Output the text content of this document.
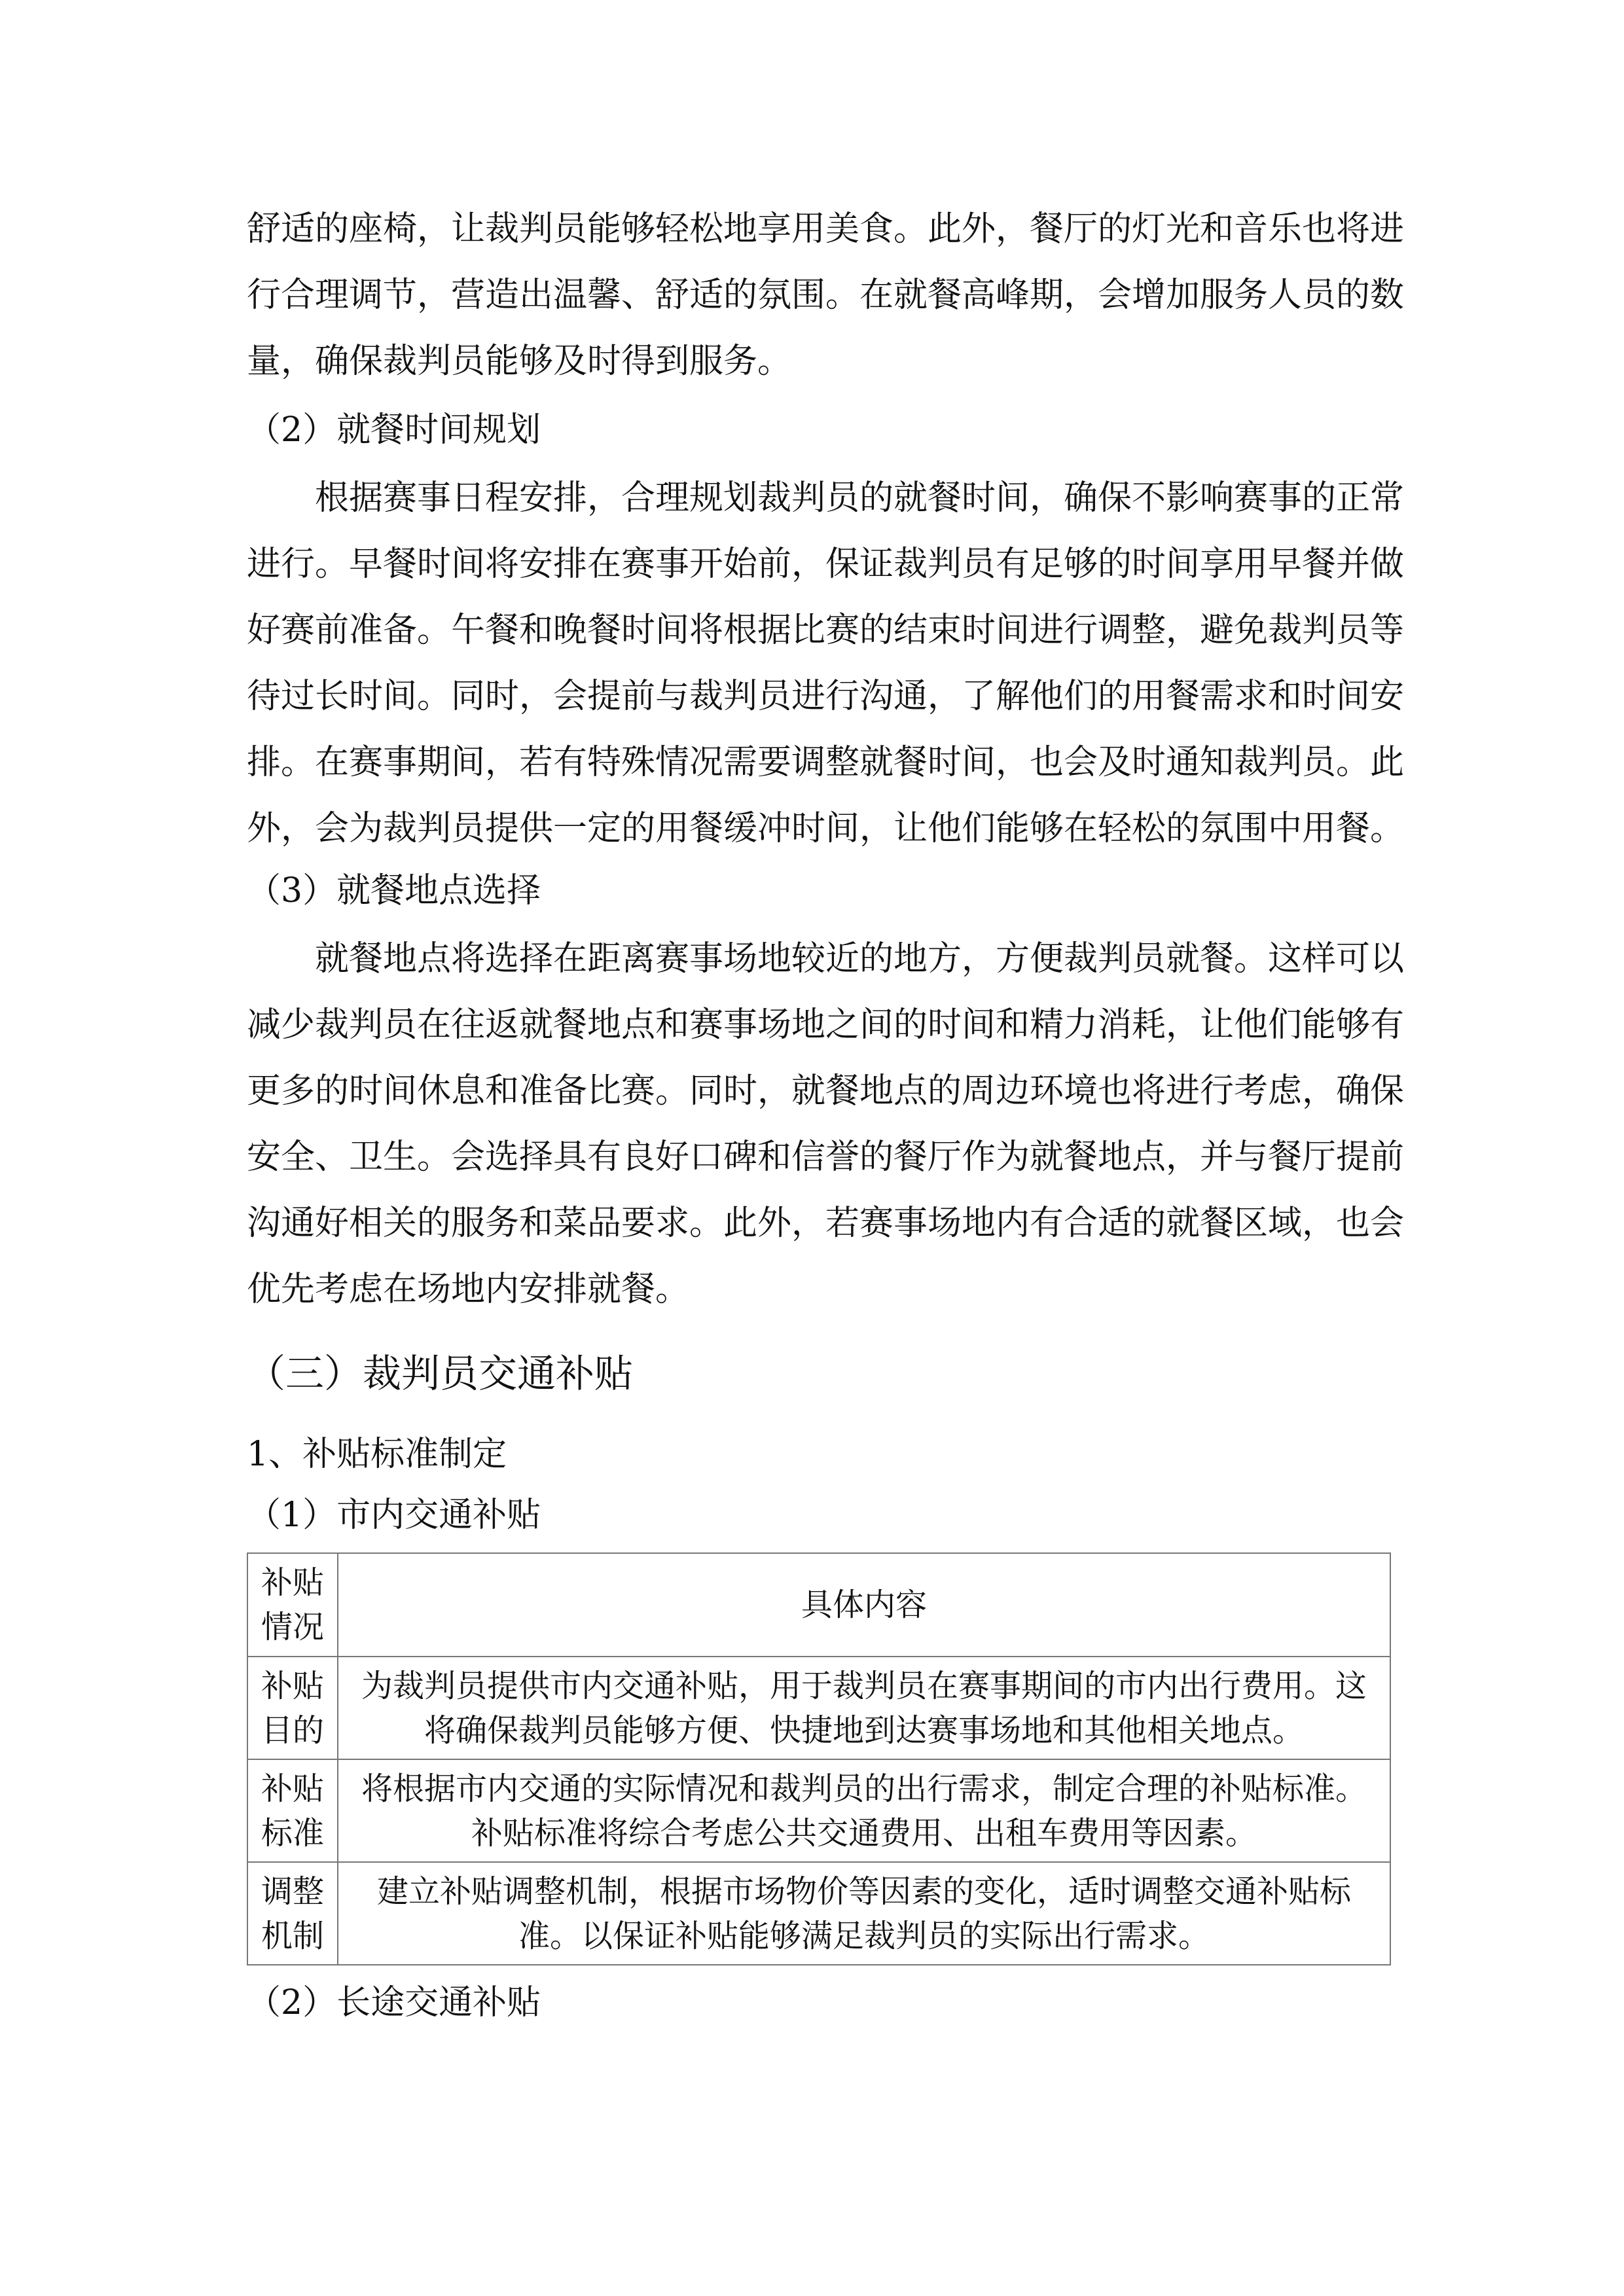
舒适的座椅，让裁判员能够轻松地享用美食。此外，餐厅的灯光和音乐也将进
行合理调节，营造出温馨、舒适的氛围。在就餐高峰期，会增加服务人员的数
量，确保裁判员能够及时得到服务。
（2）就餐时间规划
根据赛事日程安排，合理规划裁判员的就餐时间，确保不影响赛事的正常
进行。早餐时间将安排在赛事开始前，保证裁判员有足够的时间享用早餐并做
好赛前准备。午餐和晚餐时间将根据比赛的结束时间进行调整，避免裁判员等
待过长时间。同时，会提前与裁判员进行沟通，了解他们的用餐需求和时间安
排。在赛事期间，若有特殊情况需要调整就餐时间，也会及时通知裁判员。此
外，会为裁判员提供一定的用餐缓冲时间，让他们能够在轻松的氛围中用餐。
（3）就餐地点选择
就餐地点将选择在距离赛事场地较近的地方，方便裁判员就餐。这样可以
减少裁判员在往返就餐地点和赛事场地之间的时间和精力消耗，让他们能够有
更多的时间休息和准备比赛。同时，就餐地点的周边环境也将进行考虑，确保
安全、卫生。会选择具有良好口碑和信誉的餐厅作为就餐地点，并与餐厅提前
沟通好相关的服务和菜品要求。此外，若赛事场地内有合适的就餐区域，也会
优先考虑在场地内安排就餐。
（三）裁判员交通补贴
1、补贴标准制定
（1）市内交通补贴
补贴情况	具体内容
补贴目的	为裁判员提供市内交通补贴，用于裁判员在赛事期间的市内出行费用。这将确保裁判员能够方便、快捷地到达赛事场地和其他相关地点。
补贴标准	将根据市内交通的实际情况和裁判员的出行需求，制定合理的补贴标准。补贴标准将综合考虑公共交通费用、出租车费用等因素。
调整机制	建立补贴调整机制，根据市场物价等因素的变化，适时调整交通补贴标准。以保证补贴能够满足裁判员的实际出行需求。
（2）长途交通补贴
